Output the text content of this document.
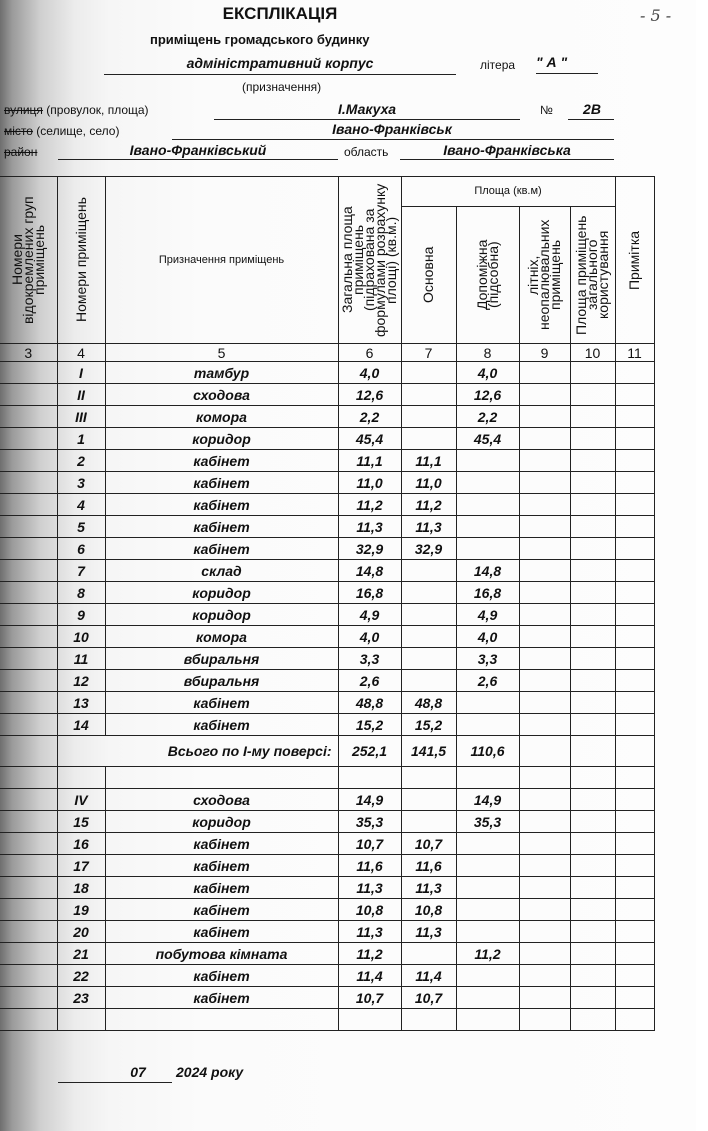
- 5 -
ЕКСПЛІКАЦІЯ
приміщень громадського будинку
адміністративний корпус	літера " А "
(призначення)
вулиця (провулок, площа)	І.Макуха	№	2В
місто (селище, село)	Івано-Франківськ
район	Івано-Франківський	область	Івано-Франківська
Номери відокремлених груп приміщень	Номери приміщень	Призначення приміщень	Загальна площа приміщень (підрахована за формулами розрахунку площі) (кв.м.)	Площа (кв.м)				Примітка
				Основна	Допоміжна (підсобна)	літніх, неопалювальних приміщень	Площа приміщень загального користування	
3	4	5	6	7	8	9	10	11
	I	тамбур	4,0		4,0			
	II	сходова	12,6		12,6			
	III	комора	2,2		2,2			
	1	коридор	45,4		45,4			
	2	кабінет	11,1	11,1				
	3	кабінет	11,0	11,0				
	4	кабінет	11,2	11,2				
	5	кабінет	11,3	11,3				
	6	кабінет	32,9	32,9				
	7	склад	14,8		14,8			
	8	коридор	16,8		16,8			
	9	коридор	4,9		4,9			
	10	комора	4,0		4,0			
	11	вбиральня	3,3		3,3			
	12	вбиральня	2,6		2,6			
	13	кабінет	48,8	48,8				
	14	кабінет	15,2	15,2				
	Всього по І-му поверсі:		252,1	141,5	110,6			

	IV	сходова	14,9		14,9			
	15	коридор	35,3		35,3			
	16	кабінет	10,7	10,7				
	17	кабінет	11,6	11,6				
	18	кабінет	11,3	11,3				
	19	кабінет	10,8	10,8				
	20	кабінет	11,3	11,3				
	21	побутова кімната	11,2		11,2			
	22	кабінет	11,4	11,4				
	23	кабінет	10,7	10,7				

07	2024 року
